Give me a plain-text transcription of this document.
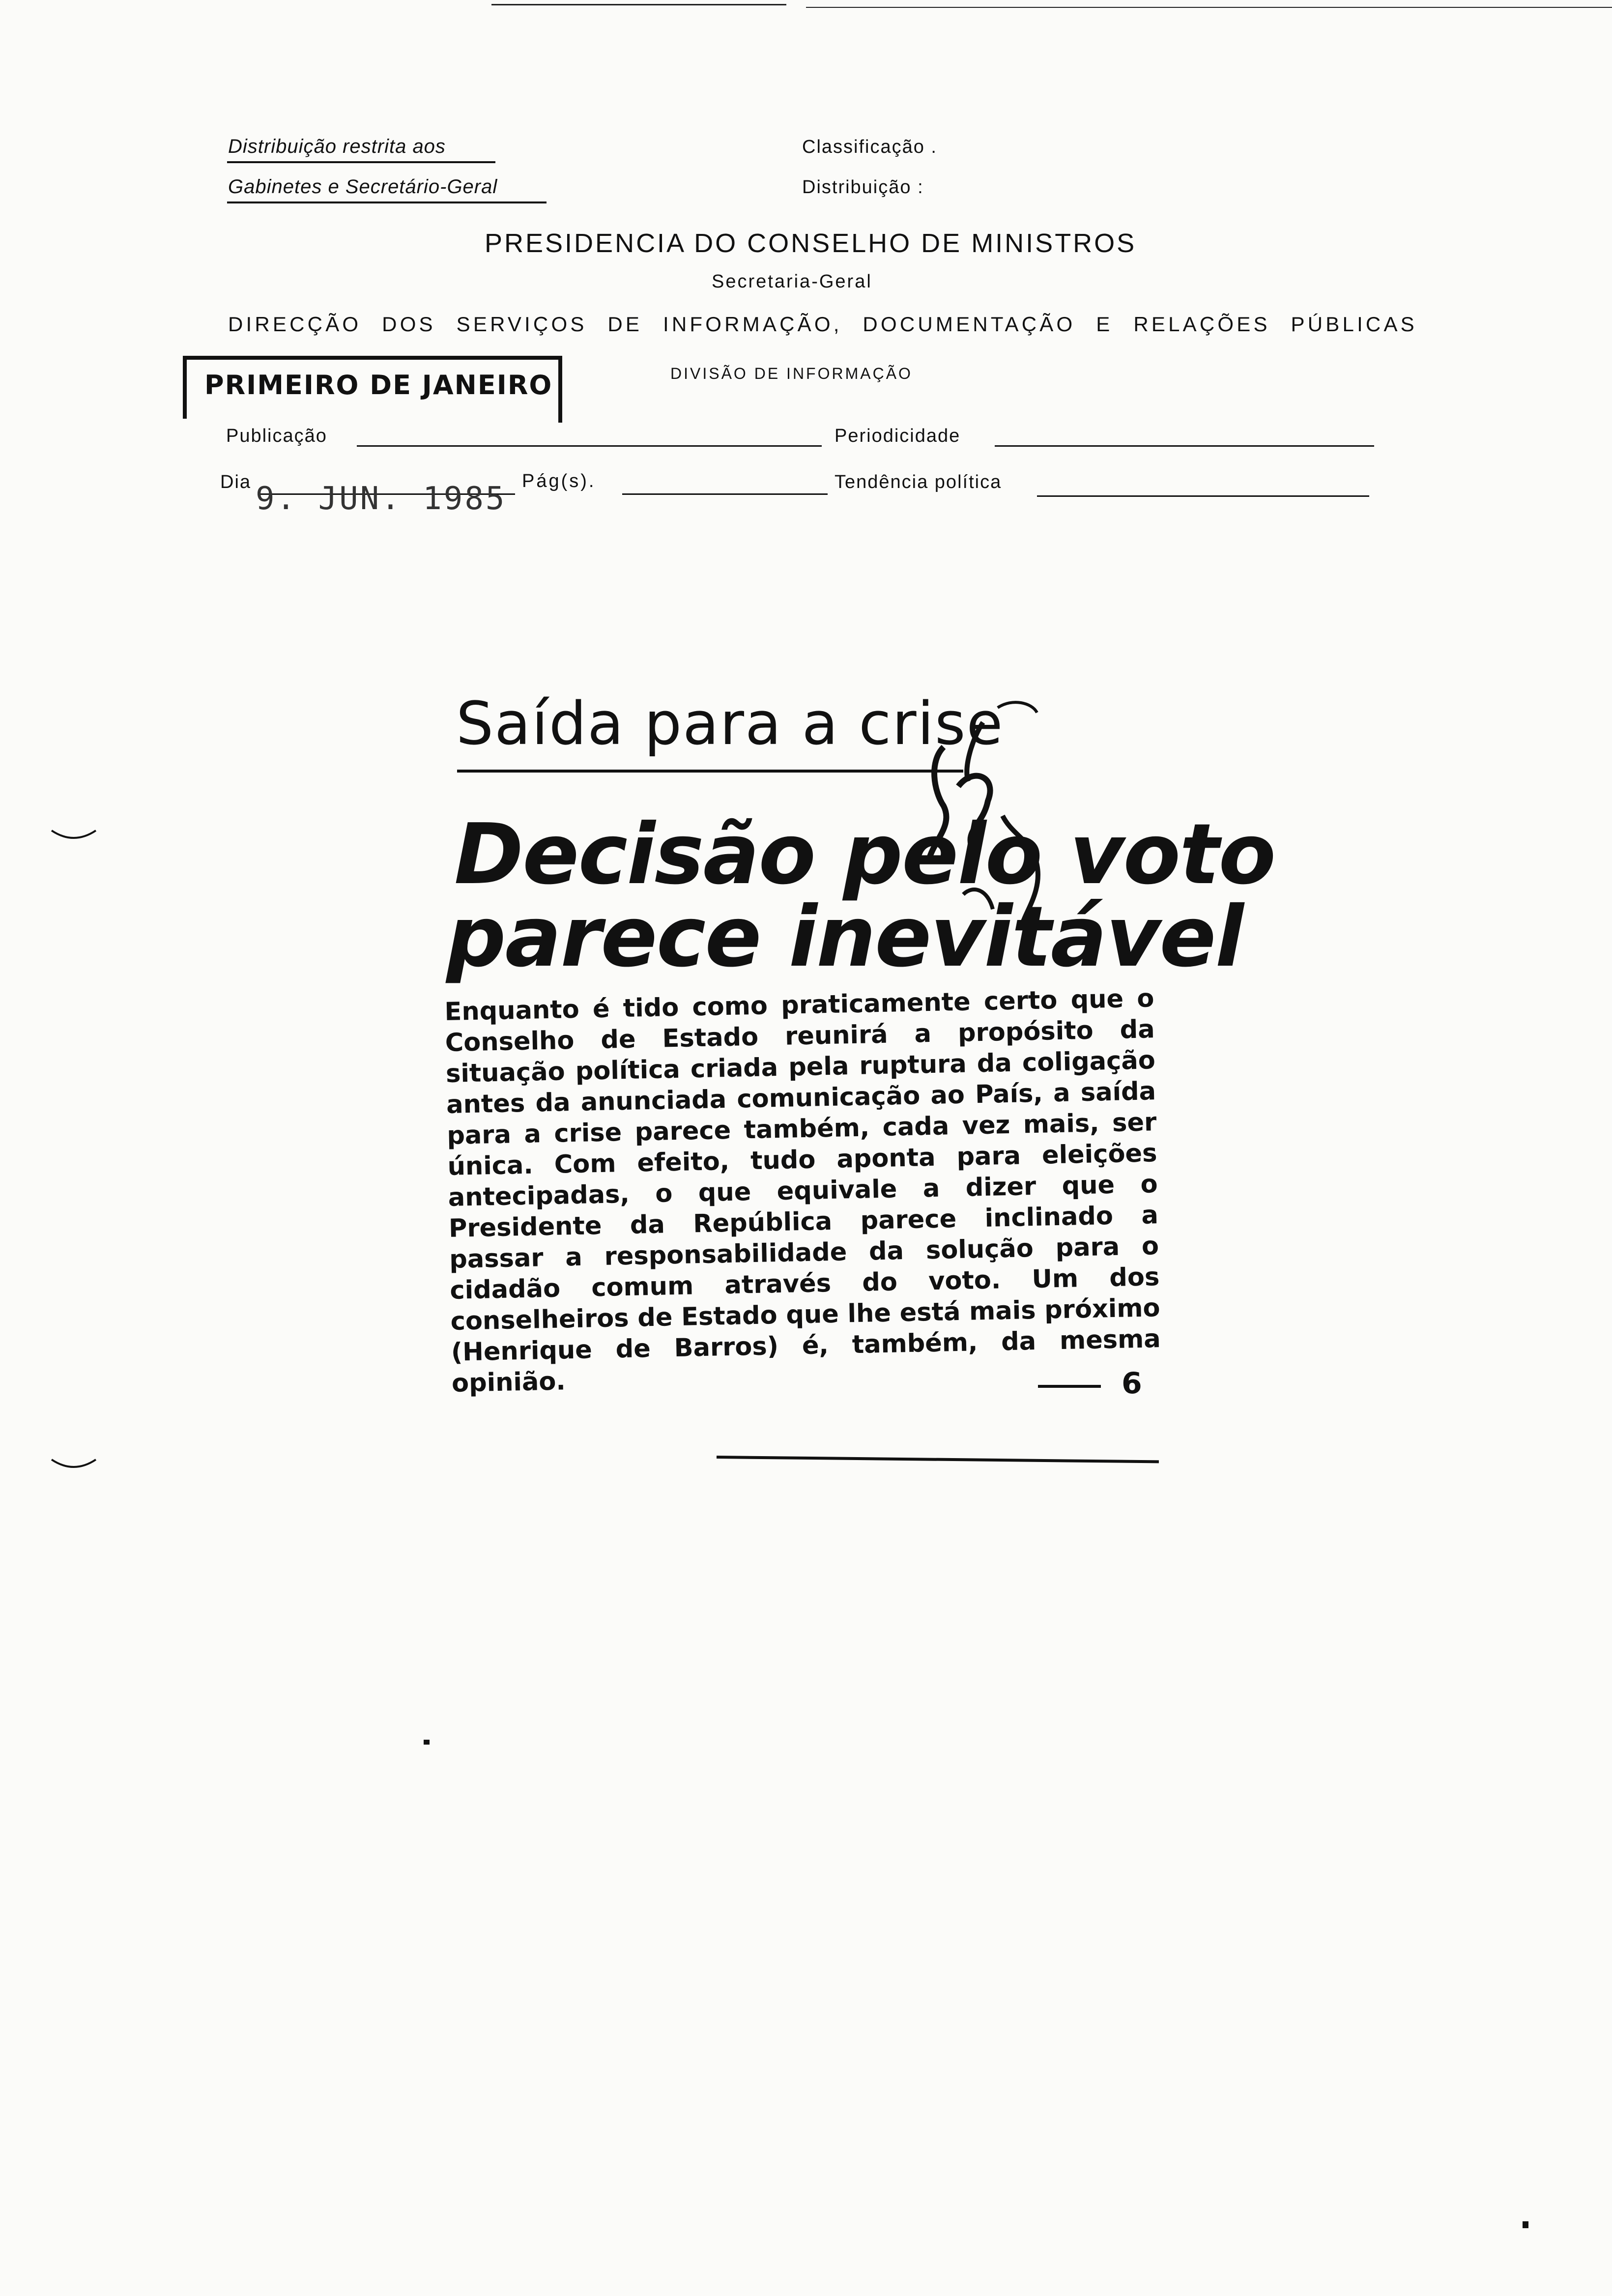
Distribuição restrita aos
Gabinetes e Secretário-Geral
Classificação .
Distribuição :
PRESIDENCIA DO CONSELHO DE MINISTROS
Secretaria-Geral
DIRECÇÃO DOS SERVIÇOS DE INFORMAÇÃO, DOCUMENTAÇÃO E RELAÇÕES PÚBLICAS
DIVISÃO DE INFORMAÇÃO
PRIMEIRO DE JANEIRO
Publicação	Periodicidade
Dia 9. JUN. 1985 Pág(s).	Tendência política
Saída para a crise
Decisão pelo voto
parece inevitável
Enquanto é tido como praticamente certo que o Conselho de Estado reunirá a propósito da situação política criada pela ruptura da coligação antes da anunciada comunicação ao País, a saída para a crise parece também, cada vez mais, ser única. Com efeito, tudo aponta para eleições antecipadas, o que equivale a dizer que o Presidente da República parece inclinado a passar a responsabilidade da solução para o cidadão comum através do voto. Um dos conselheiros de Estado que lhe está mais próximo (Henrique de Barros) é, também, da mesma opinião.	6
